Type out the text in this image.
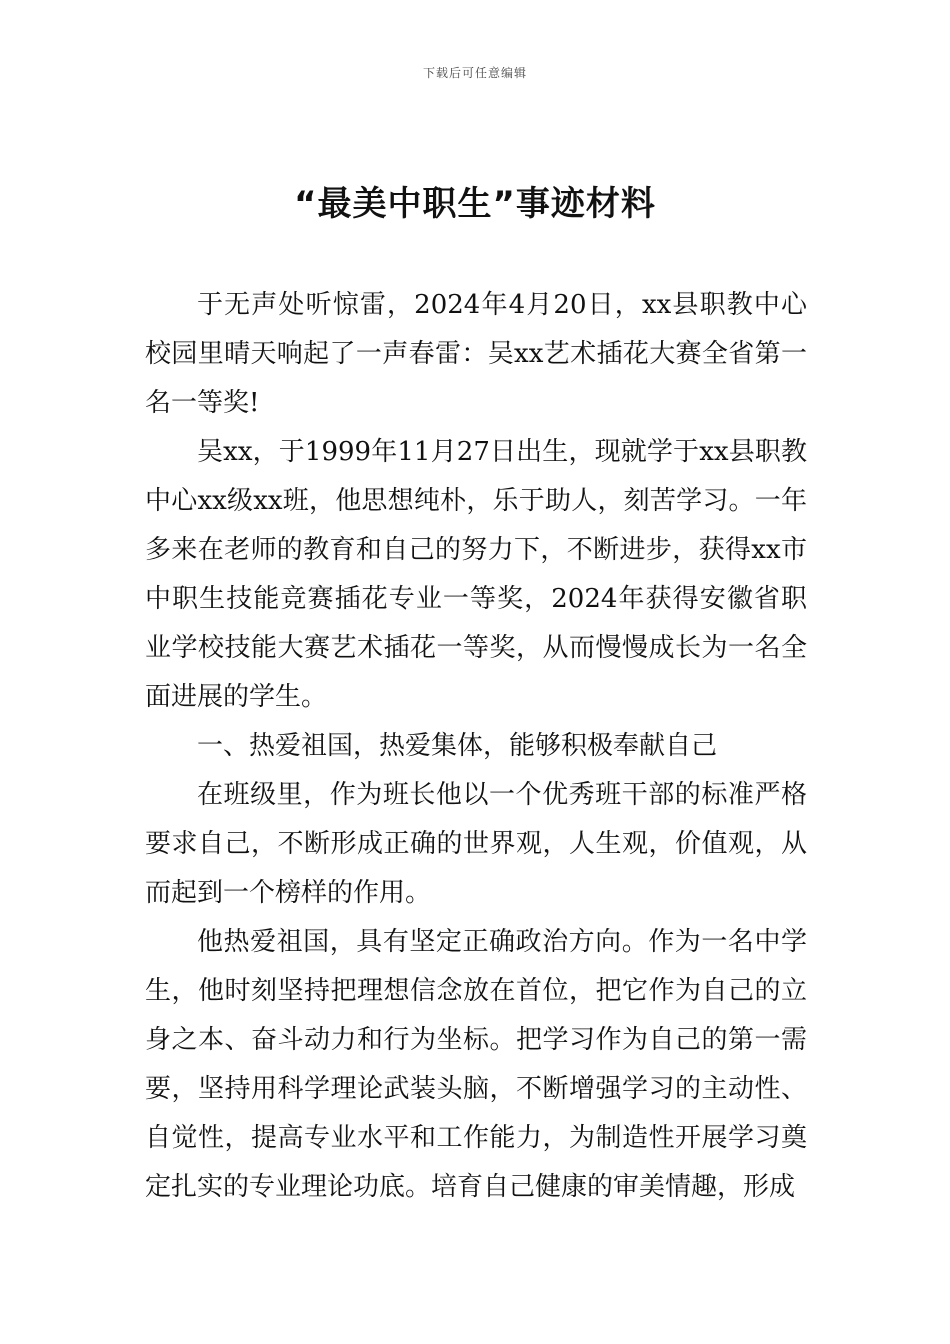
下载后可任意编辑
“最美中职生”事迹材料

于无声处听惊雷，2024年4月20日，xx县职教中心校园里晴天响起了一声春雷：吴xx艺术插花大赛全省第一名一等奖!

吴xx，于1999年11月27日出生，现就学于xx县职教中心xx级xx班，他思想纯朴，乐于助人，刻苦学习。一年多来在老师的教育和自己的努力下，不断进步，获得xx市中职生技能竞赛插花专业一等奖，2024年获得安徽省职业学校技能大赛艺术插花一等奖，从而慢慢成长为一名全面进展的学生。

一、热爱祖国，热爱集体，能够积极奉献自己

在班级里，作为班长他以一个优秀班干部的标准严格要求自己，不断形成正确的世界观，人生观，价值观，从而起到一个榜样的作用。

他热爱祖国，具有坚定正确政治方向。作为一名中学生，他时刻坚持把理想信念放在首位，把它作为自己的立身之本、奋斗动力和行为坐标。把学习作为自己的第一需要，坚持用科学理论武装头脑，不断增强学习的主动性、自觉性，提高专业水平和工作能力，为制造性开展学习奠定扎实的专业理论功底。培育自己健康的审美情趣，形成
